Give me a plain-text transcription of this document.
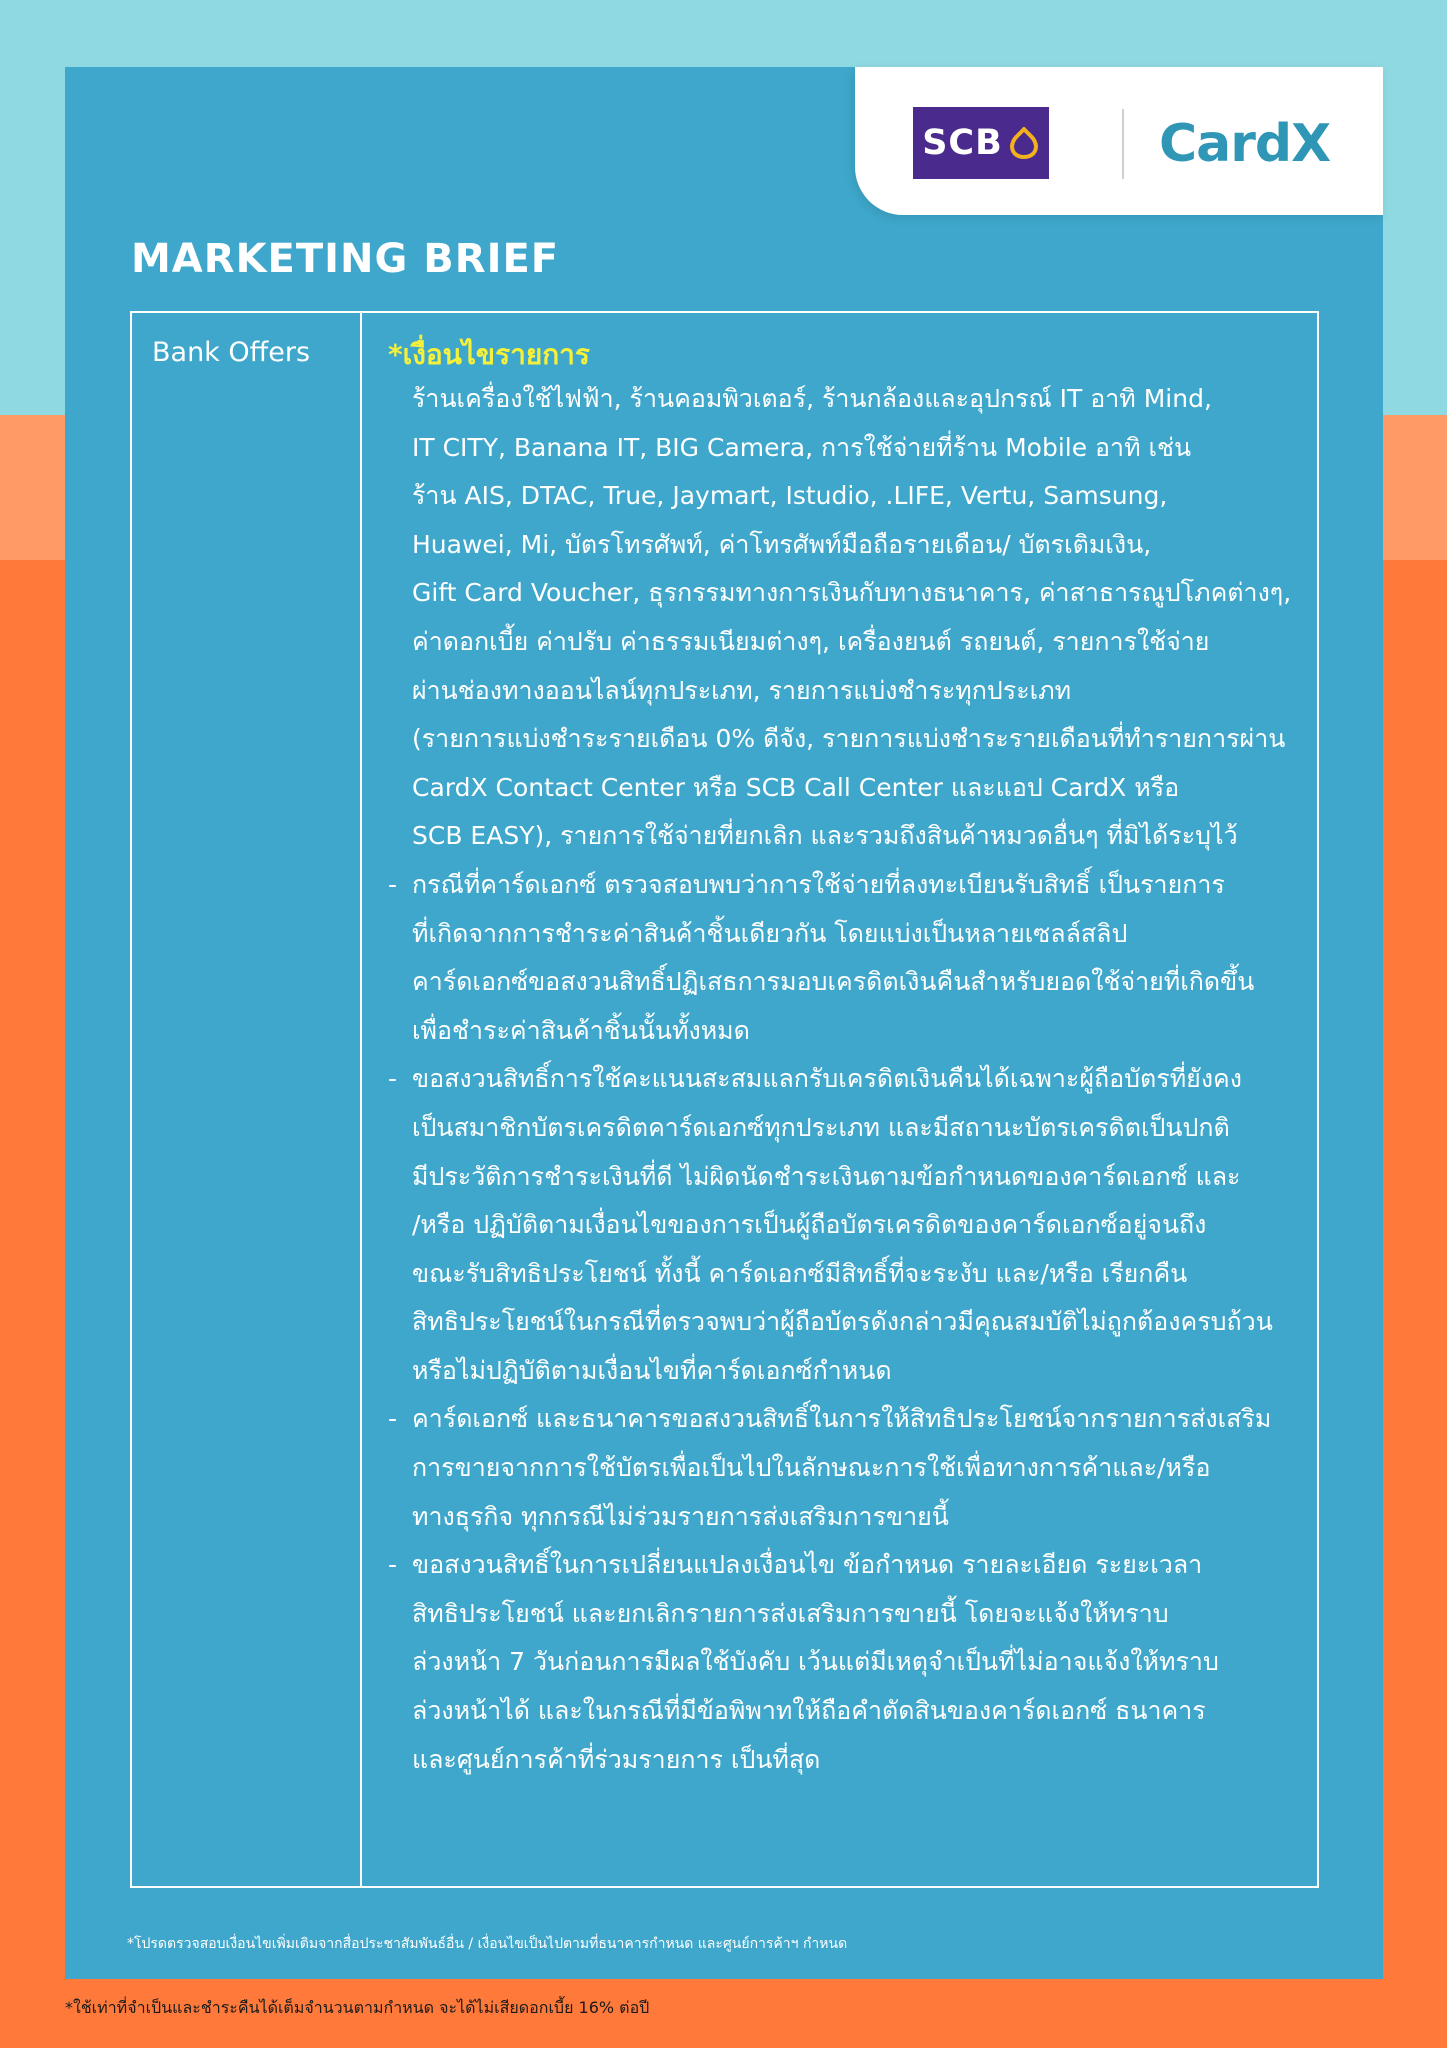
SCB	CardX
MARKETING BRIEF
Bank Offers	*เงื่อนไขรายการ

ร้านเครื่องใช้ไฟฟ้า, ร้านคอมพิวเตอร์, ร้านกล้องและอุปกรณ์ IT อาทิ Mind,
IT CITY, Banana IT, BIG Camera, การใช้จ่ายที่ร้าน Mobile อาทิ เช่น
ร้าน AIS, DTAC, True, Jaymart, Istudio, .LIFE, Vertu, Samsung,
Huawei, Mi, บัตรโทรศัพท์, ค่าโทรศัพท์มือถือรายเดือน/ บัตรเติมเงิน,
Gift Card Voucher, ธุรกรรมทางการเงินกับทางธนาคาร, ค่าสาธารณูปโภคต่างๆ,
ค่าดอกเบี้ย ค่าปรับ ค่าธรรมเนียมต่างๆ, เครื่องยนต์ รถยนต์, รายการใช้จ่าย
ผ่านช่องทางออนไลน์ทุกประเภท, รายการแบ่งชำระทุกประเภท
(รายการแบ่งชำระรายเดือน 0% ดีจัง, รายการแบ่งชำระรายเดือนที่ทำรายการผ่าน
CardX Contact Center หรือ SCB Call Center และแอป CardX หรือ
SCB EASY), รายการใช้จ่ายที่ยกเลิก และรวมถึงสินค้าหมวดอื่นๆ ที่มิได้ระบุไว้

- กรณีที่คาร์ดเอกซ์ ตรวจสอบพบว่าการใช้จ่ายที่ลงทะเบียนรับสิทธิ์ เป็นรายการ
ที่เกิดจากการชำระค่าสินค้าชิ้นเดียวกัน โดยแบ่งเป็นหลายเซลล์สลิป
คาร์ดเอกซ์ขอสงวนสิทธิ์ปฏิเสธการมอบเครดิตเงินคืนสำหรับยอดใช้จ่ายที่เกิดขึ้น
เพื่อชำระค่าสินค้าชิ้นนั้นทั้งหมด
- ขอสงวนสิทธิ์การใช้คะแนนสะสมแลกรับเครดิตเงินคืนได้เฉพาะผู้ถือบัตรที่ยังคง
เป็นสมาชิกบัตรเครดิตคาร์ดเอกซ์ทุกประเภท และมีสถานะบัตรเครดิตเป็นปกติ
มีประวัติการชำระเงินที่ดี ไม่ผิดนัดชำระเงินตามข้อกำหนดของคาร์ดเอกซ์ และ
/หรือ ปฏิบัติตามเงื่อนไขของการเป็นผู้ถือบัตรเครดิตของคาร์ดเอกซ์อยู่จนถึง
ขณะรับสิทธิประโยชน์ ทั้งนี้ คาร์ดเอกซ์มีสิทธิ์ที่จะระงับ และ/หรือ เรียกคืน
สิทธิประโยชน์ในกรณีที่ตรวจพบว่าผู้ถือบัตรดังกล่าวมีคุณสมบัติไม่ถูกต้องครบถ้วน
หรือไม่ปฏิบัติตามเงื่อนไขที่คาร์ดเอกซ์กำหนด
- คาร์ดเอกซ์ และธนาคารขอสงวนสิทธิ์ในการให้สิทธิประโยชน์จากรายการส่งเสริม
การขายจากการใช้บัตรเพื่อเป็นไปในลักษณะการใช้เพื่อทางการค้าและ/หรือ
ทางธุรกิจ ทุกกรณีไม่ร่วมรายการส่งเสริมการขายนี้
- ขอสงวนสิทธิ์ในการเปลี่ยนแปลงเงื่อนไข ข้อกำหนด รายละเอียด ระยะเวลา
สิทธิประโยชน์ และยกเลิกรายการส่งเสริมการขายนี้ โดยจะแจ้งให้ทราบ
ล่วงหน้า 7 วันก่อนการมีผลใช้บังคับ เว้นแต่มีเหตุจำเป็นที่ไม่อาจแจ้งให้ทราบ
ล่วงหน้าได้ และในกรณีที่มีข้อพิพาทให้ถือคำตัดสินของคาร์ดเอกซ์ ธนาคาร
และศูนย์การค้าที่ร่วมรายการ เป็นที่สุด
*โปรดตรวจสอบเงื่อนไขเพิ่มเติมจากสื่อประชาสัมพันธ์อื่น / เงื่อนไขเป็นไปตามที่ธนาคารกำหนด และศูนย์การค้าฯ กำหนด
*ใช้เท่าที่จำเป็นและชำระคืนได้เต็มจำนวนตามกำหนด จะได้ไม่เสียดอกเบี้ย 16% ต่อปี
